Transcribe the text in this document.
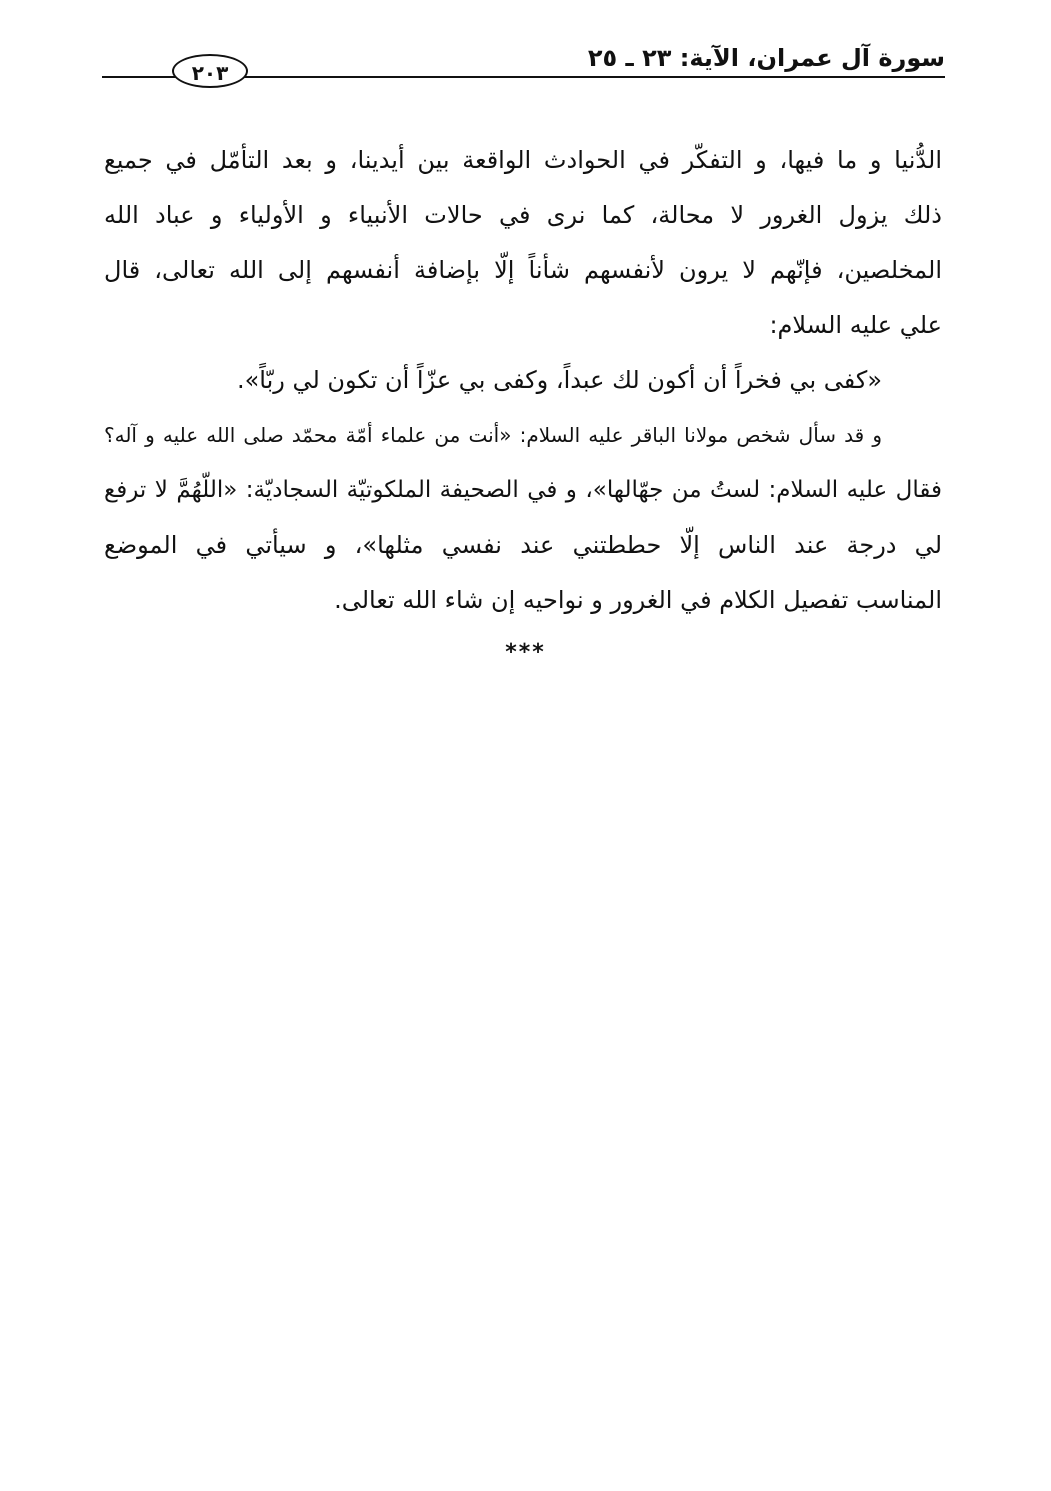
سورة آل عمران، الآية: ٢٣ ـ ٢٥
٢٠٣
الدُّنيا و ما فيها، و التفكّر في الحوادث الواقعة بين أيدينا، و بعد التأمّل في جميع
ذلك يزول الغرور لا محالة، كما نرى في حالات الأنبياء و الأولياء و عباد الله
المخلصين، فإنّهم لا يرون لأنفسهم شأناً إلّا بإضافة أنفسهم إلى الله تعالى، قال
علي عليه السلام:
«كفى بي فخراً أن أكون لك عبداً، وكفى بي عزّاً أن تكون لي ربّاً».
و قد سأل شخص مولانا الباقر عليه السلام: «أنت من علماء أمّة محمّد صلى الله عليه و آله؟
فقال عليه السلام: لستُ من جهّالها»، و في الصحيفة الملكوتيّة السجاديّة: «اللّهُمَّ لا ترفع
لي درجة عند الناس إلّا حططتني عند نفسي مثلها»، و سيأتي في الموضع
المناسب تفصيل الكلام في الغرور و نواحيه إن شاء الله تعالى.
***
